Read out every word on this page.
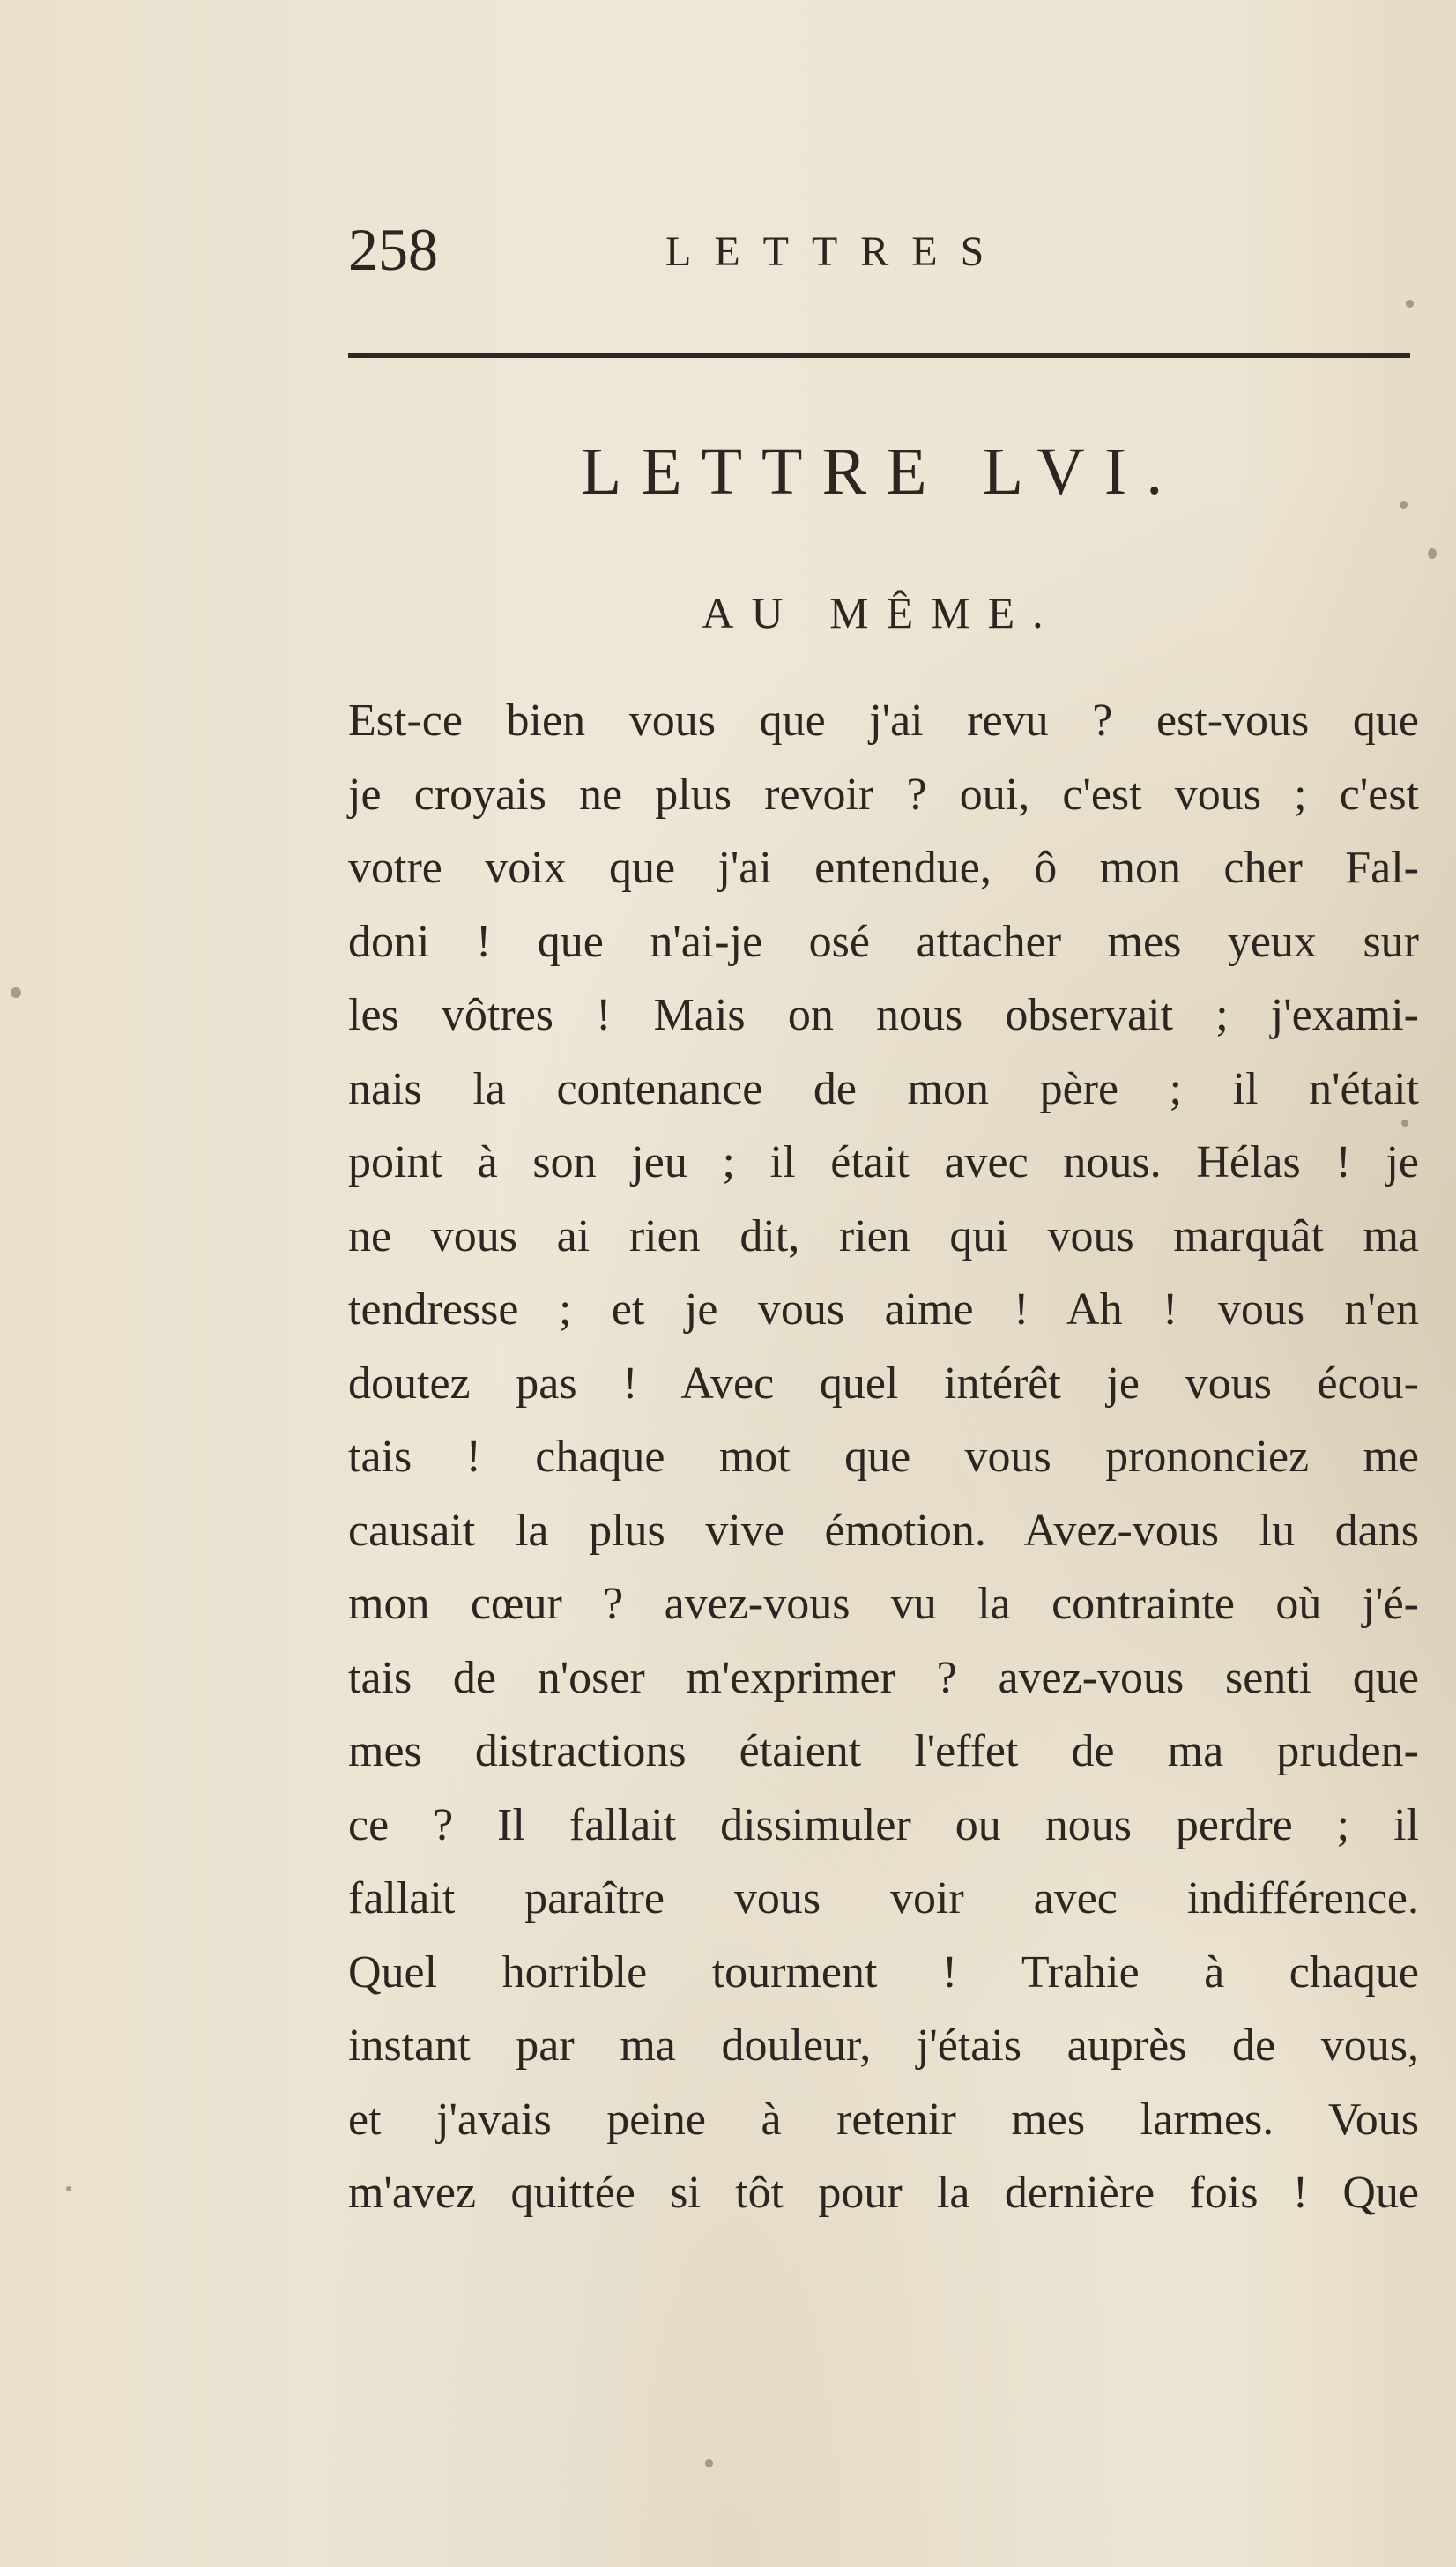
258	LETTRES
LETTRE LVI.
AU MÊME.
Est-ce bien vous que j'ai revu ? est-vous que
je croyais ne plus revoir ? oui, c'est vous ; c'est
votre voix que j'ai entendue, ô mon cher Fal-
doni ! que n'ai-je osé attacher mes yeux sur
les vôtres ! Mais on nous observait ; j'exami-
nais la contenance de mon père ; il n'était
point à son jeu ; il était avec nous. Hélas ! je
ne vous ai rien dit, rien qui vous marquât ma
tendresse ; et je vous aime ! Ah ! vous n'en
doutez pas ! Avec quel intérêt je vous écou-
tais ! chaque mot que vous prononciez me
causait la plus vive émotion. Avez-vous lu dans
mon cœur ? avez-vous vu la contrainte où j'é-
tais de n'oser m'exprimer ? avez-vous senti que
mes distractions étaient l'effet de ma pruden-
ce ? Il fallait dissimuler ou nous perdre ; il
fallait paraître vous voir avec indifférence.
Quel horrible tourment ! Trahie à chaque
instant par ma douleur, j'étais auprès de vous,
et j'avais peine à retenir mes larmes. Vous
m'avez quittée si tôt pour la dernière fois ! Que
